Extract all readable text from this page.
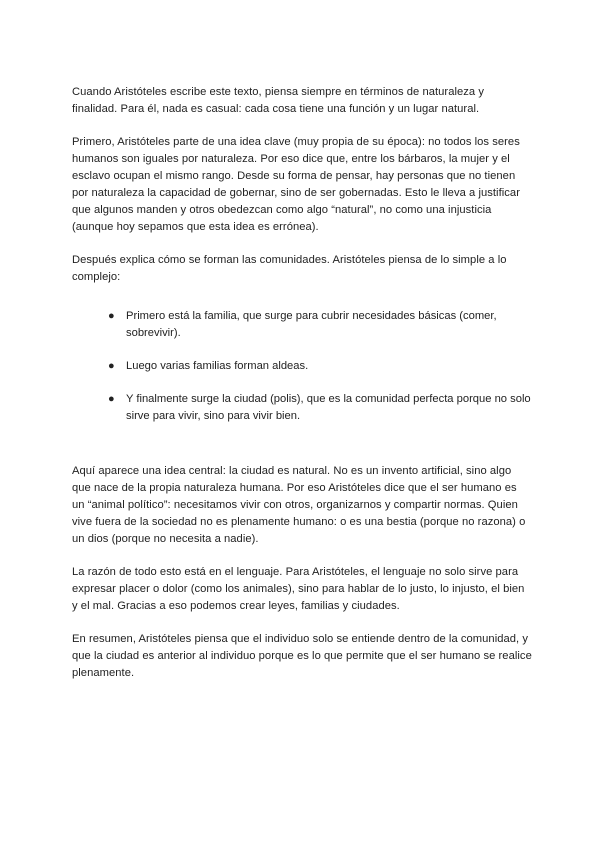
Cuando Aristóteles escribe este texto, piensa siempre en términos de naturaleza y finalidad. Para él, nada es casual: cada cosa tiene una función y un lugar natural.

Primero, Aristóteles parte de una idea clave (muy propia de su época): no todos los seres humanos son iguales por naturaleza. Por eso dice que, entre los bárbaros, la mujer y el esclavo ocupan el mismo rango. Desde su forma de pensar, hay personas que no tienen por naturaleza la capacidad de gobernar, sino de ser gobernadas. Esto le lleva a justificar que algunos manden y otros obedezcan como algo “natural”, no como una injusticia (aunque hoy sepamos que esta idea es errónea).

Después explica cómo se forman las comunidades. Aristóteles piensa de lo simple a lo complejo:

● Primero está la familia, que surge para cubrir necesidades básicas (comer, sobrevivir).
● Luego varias familias forman aldeas.
● Y finalmente surge la ciudad (polis), que es la comunidad perfecta porque no solo sirve para vivir, sino para vivir bien.

Aquí aparece una idea central: la ciudad es natural. No es un invento artificial, sino algo que nace de la propia naturaleza humana. Por eso Aristóteles dice que el ser humano es un “animal político”: necesitamos vivir con otros, organizarnos y compartir normas. Quien vive fuera de la sociedad no es plenamente humano: o es una bestia (porque no razona) o un dios (porque no necesita a nadie).

La razón de todo esto está en el lenguaje. Para Aristóteles, el lenguaje no solo sirve para expresar placer o dolor (como los animales), sino para hablar de lo justo, lo injusto, el bien y el mal. Gracias a eso podemos crear leyes, familias y ciudades.

En resumen, Aristóteles piensa que el individuo solo se entiende dentro de la comunidad, y que la ciudad es anterior al individuo porque es lo que permite que el ser humano se realice plenamente.
